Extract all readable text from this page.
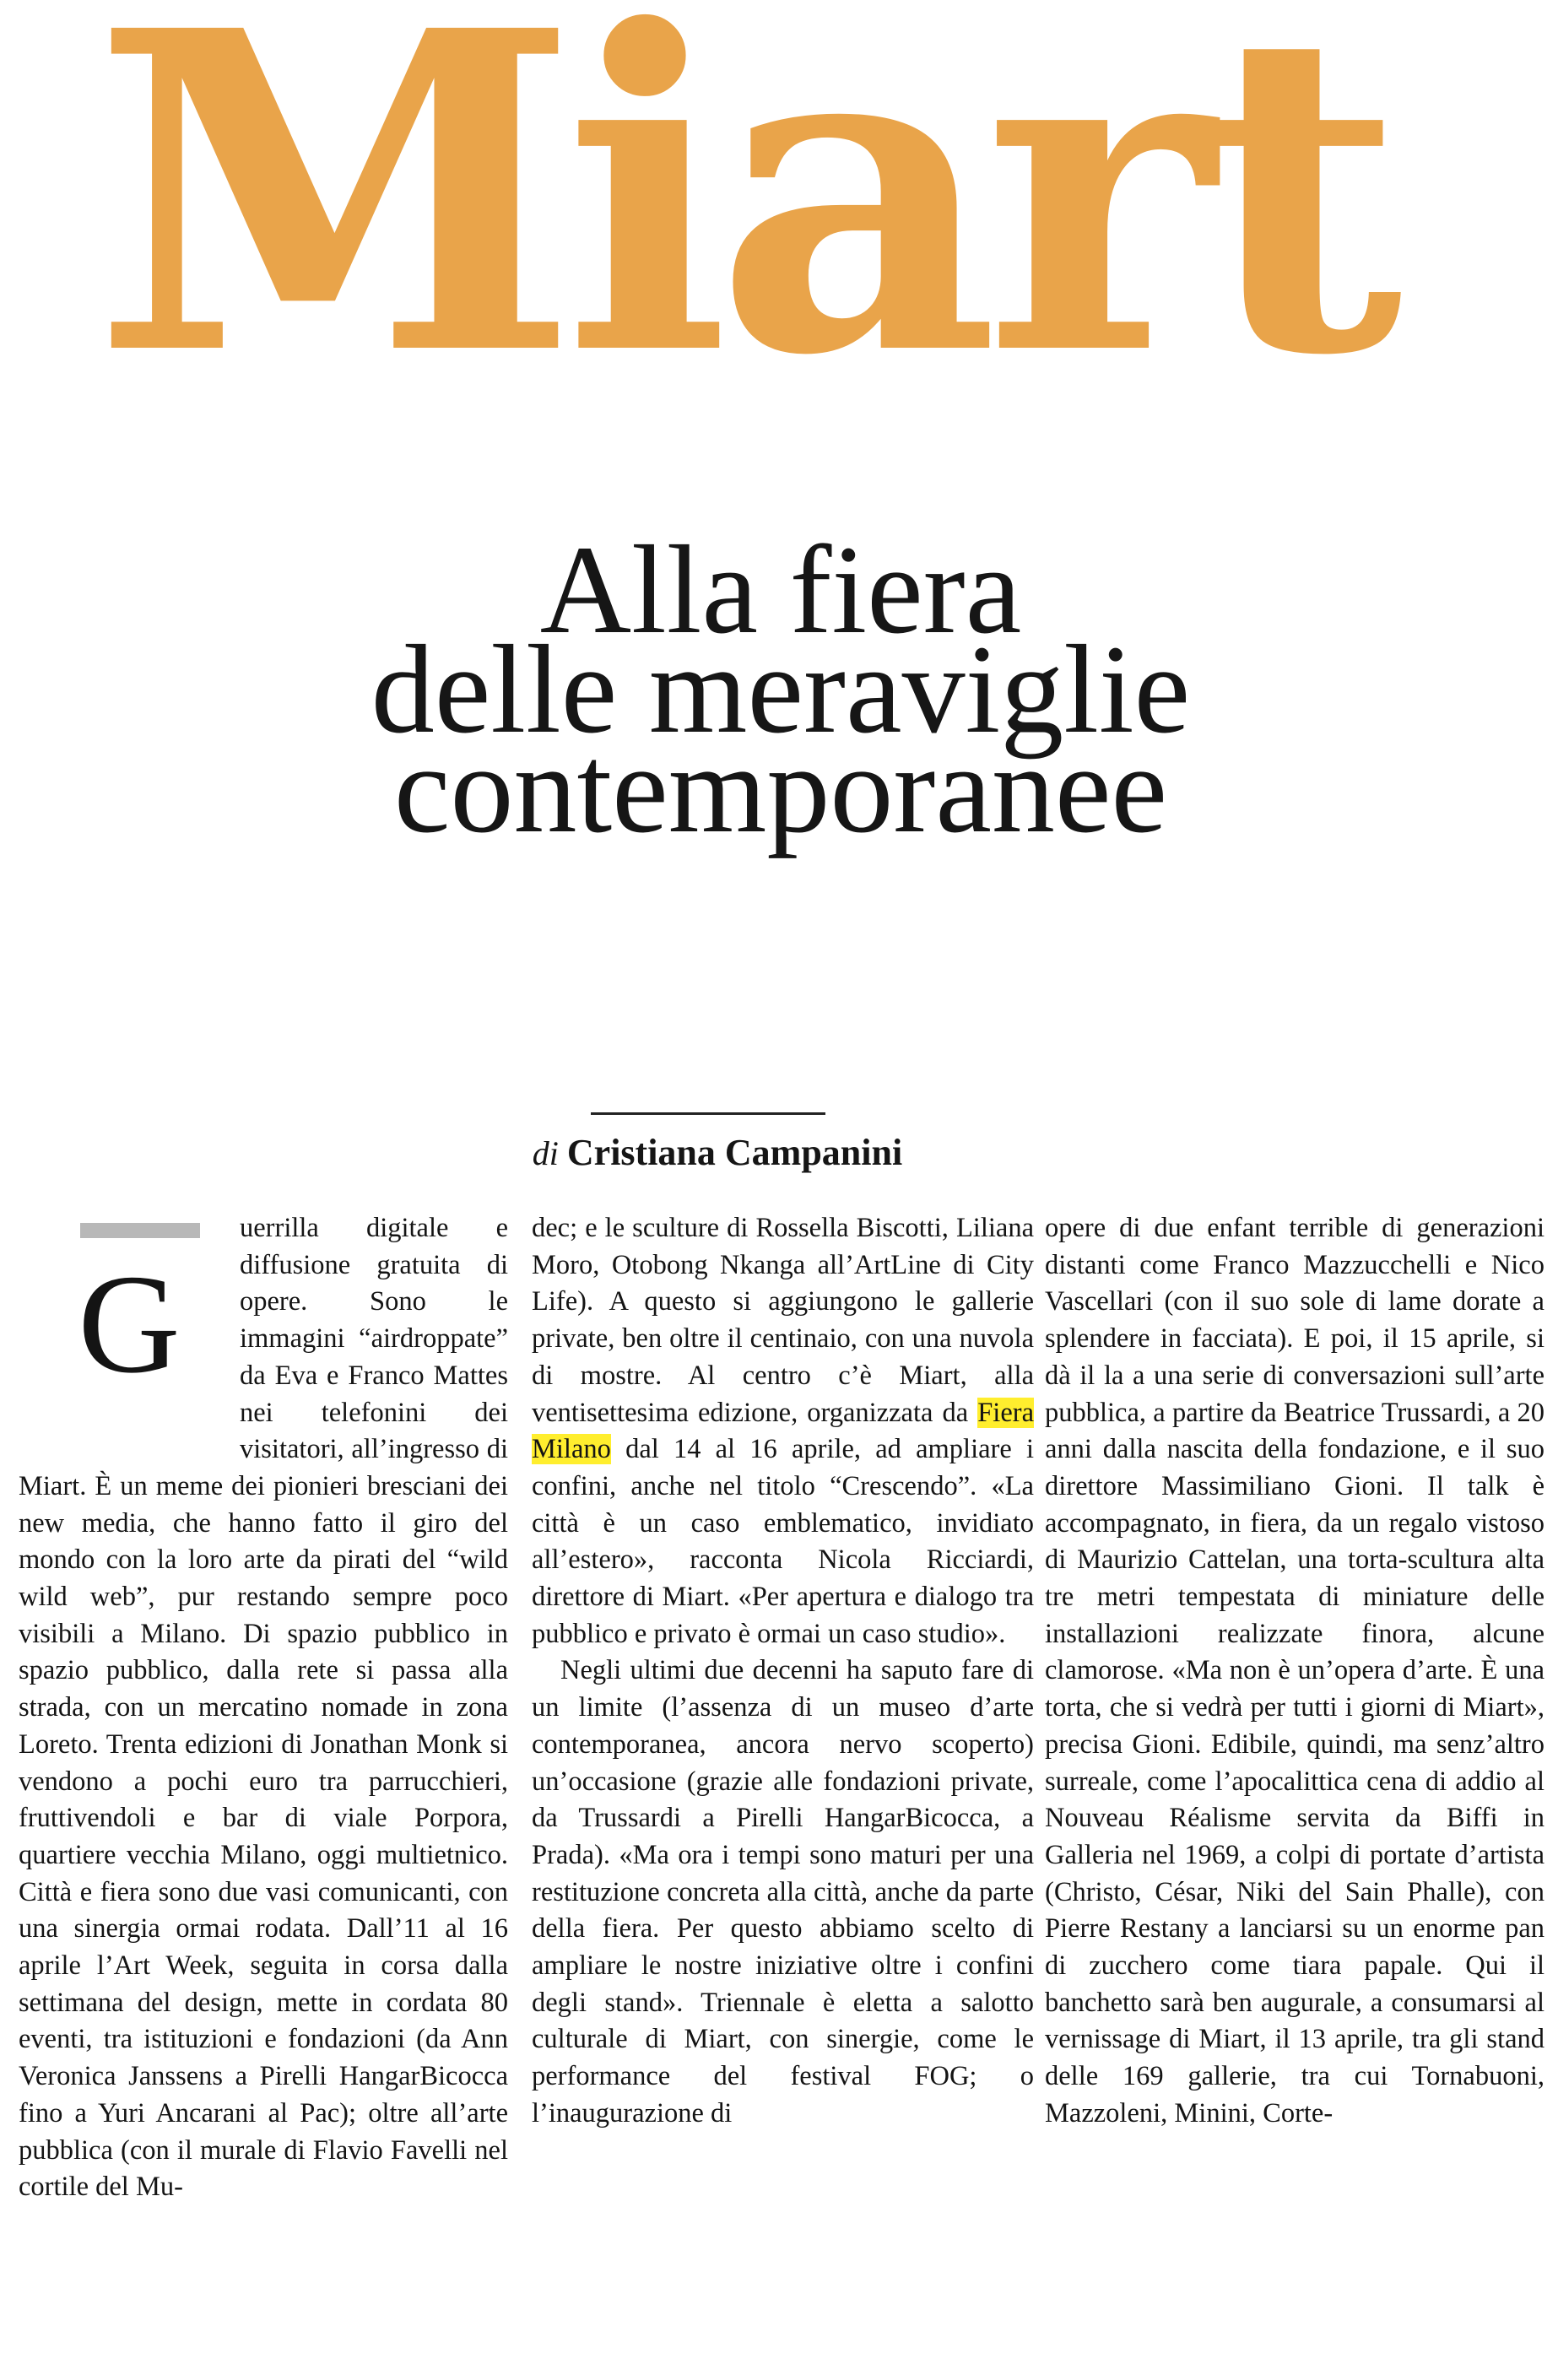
Miart
Alla fiera
delle meraviglie
contemporanee

di Cristiana Campanini

G

uerrilla digitale e diffusione gratuita di opere. Sono le immagini “airdroppate” da Eva e Franco Mattes nei telefonini dei visitatori, all’ingresso di Miart. È un meme dei pionieri bresciani dei new media, che hanno fatto il giro del mondo con la loro arte da pirati del “wild wild web”, pur restando sempre poco visibili a Milano. Di spazio pubblico in spazio pubblico, dalla rete si passa alla strada, con un mercatino nomade in zona Loreto. Trenta edizioni di Jonathan Monk si vendono a pochi euro tra parrucchieri, fruttivendoli e bar di viale Porpora, quartiere vecchia Milano, oggi multietnico. Città e fiera sono due vasi comunicanti, con una sinergia ormai rodata. Dall’11 al 16 aprile l’Art Week, seguita in corsa dalla settimana del design, mette in cordata 80 eventi, tra istituzioni e fondazioni (da Ann Veronica Janssens a Pirelli HangarBicocca fino a Yuri Ancarani al Pac); oltre all’arte pubblica (con il murale di Flavio Favelli nel cortile del Mu-

dec; e le sculture di Rossella Biscotti, Liliana Moro, Otobong Nkanga all’ArtLine di City Life). A questo si aggiungono le gallerie private, ben oltre il centinaio, con una nuvola di mostre. Al centro c’è Miart, alla ventisettesima edizione, organizzata da Fiera Milano dal 14 al 16 aprile, ad ampliare i confini, anche nel titolo “Crescendo”. «La città è un caso emblematico, invidiato all’estero», racconta Nicola Ricciardi, direttore di Miart. «Per apertura e dialogo tra pubblico e privato è ormai un caso studio».

Negli ultimi due decenni ha saputo fare di un limite (l’assenza di un museo d’arte contemporanea, ancora nervo scoperto) un’occasione (grazie alle fondazioni private, da Trussardi a Pirelli HangarBicocca, a Prada). «Ma ora i tempi sono maturi per una restituzione concreta alla città, anche da parte della fiera. Per questo abbiamo scelto di ampliare le nostre iniziative oltre i confini degli stand». Triennale è eletta a salotto culturale di Miart, con sinergie, come le performance del festival FOG; o l’inaugurazione di

opere di due enfant terrible di generazioni distanti come Franco Mazzucchelli e Nico Vascellari (con il suo sole di lame dorate a splendere in facciata). E poi, il 15 aprile, si dà il la a una serie di conversazioni sull’arte pubblica, a partire da Beatrice Trussardi, a 20 anni dalla nascita della fondazione, e il suo direttore Massimiliano Gioni. Il talk è accompagnato, in fiera, da un regalo vistoso di Maurizio Cattelan, una torta-scultura alta tre metri tempestata di miniature delle installazioni realizzate finora, alcune clamorose. «Ma non è un’opera d’arte. È una torta, che si vedrà per tutti i giorni di Miart», precisa Gioni. Edibile, quindi, ma senz’altro surreale, come l’apocalittica cena di addio al Nouveau Réalisme servita da Biffi in Galleria nel 1969, a colpi di portate d’artista (Christo, César, Niki del Sain Phalle), con Pierre Restany a lanciarsi su un enorme pan di zucchero come tiara papale. Qui il banchetto sarà ben augurale, a consumarsi al vernissage di Miart, il 13 aprile, tra gli stand delle 169 gallerie, tra cui Tornabuoni, Mazzoleni, Minini, Corte-
